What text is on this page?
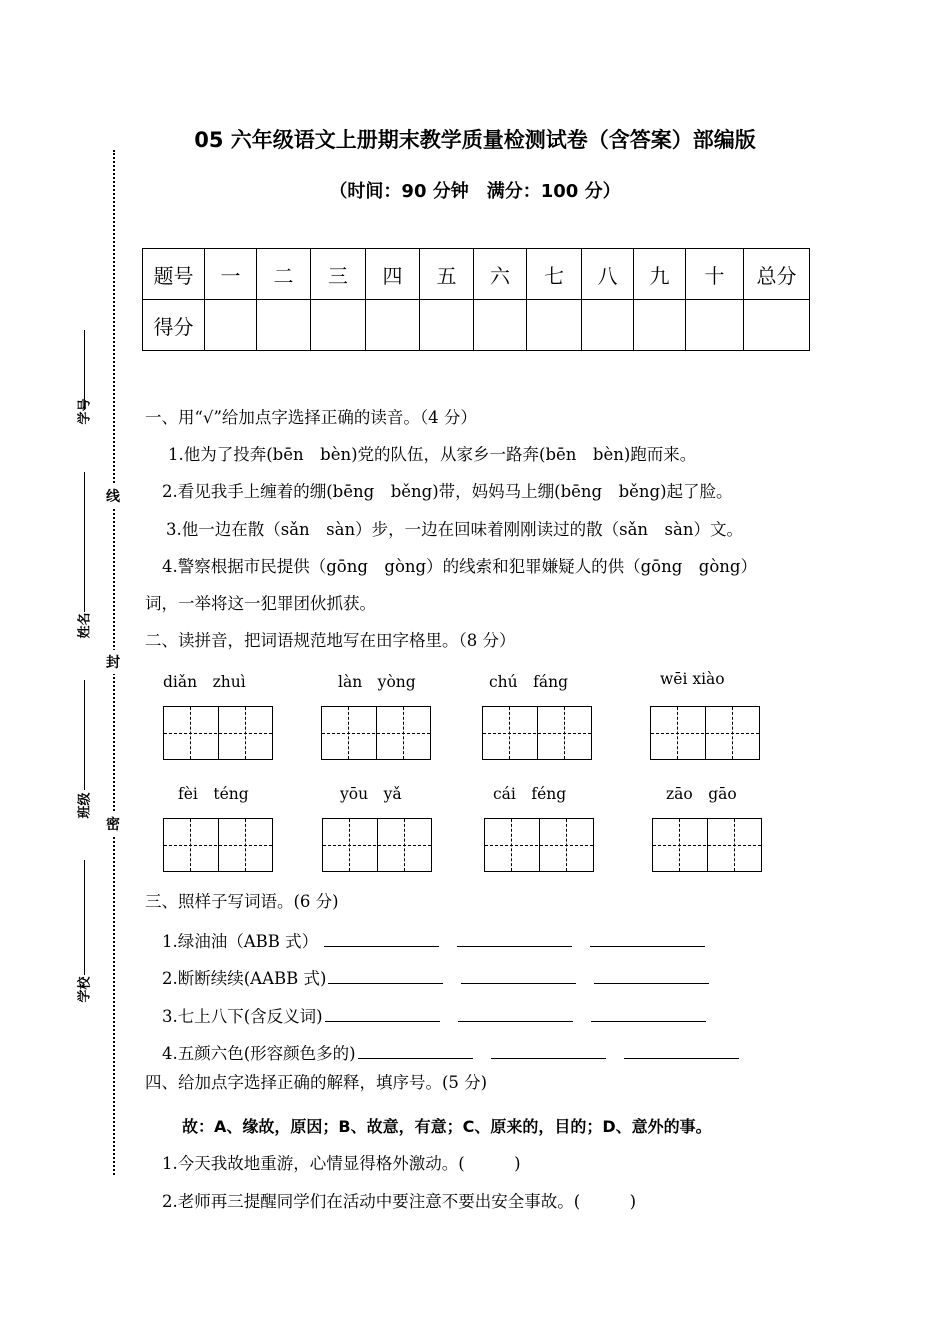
线
封
密
学号
姓名
班级
学校
05 六年级语文上册期末教学质量检测试卷（含答案）部编版
（时间：90 分钟　满分：100 分）
题号	一	二	三	四	五	六	七	八	九	十	总分
得分											
一、用“√”给加点字选择正确的读音。（4 分）
1.他为了投奔(bēn　bèn)党的队伍，从家乡一路奔(bēn　bèn)跑而来。
2.看见我手上缠着的绷(bēng　běng)带，妈妈马上绷(bēng　běng)起了脸。
3.他一边在散（sǎn　sàn）步，一边在回味着刚刚读过的散（sǎn　sàn）文。
4.警察根据市民提供（gōng　gòng）的线索和犯罪嫌疑人的供（gōng　gòng）
词，一举将这一犯罪团伙抓获。
二、读拼音，把词语规范地写在田字格里。（8 分）
diǎn　zhuì	làn　yòng	chú　fáng	wēi xiào
fèi　téng	yōu　yǎ	cái　féng	zāo　gāo
三、照样子写词语。(6 分)
1.绿油油（ABB 式）
2.断断续续(AABB 式)
3.七上八下(含反义词)
4.五颜六色(形容颜色多的)
四、给加点字选择正确的解释，填序号。(5 分)
故：A、缘故，原因；B、故意，有意；C、原来的，目的；D、意外的事。
1.今天我故地重游，心情显得格外激动。(　　　)
2.老师再三提醒同学们在活动中要注意不要出安全事故。(　　　)
